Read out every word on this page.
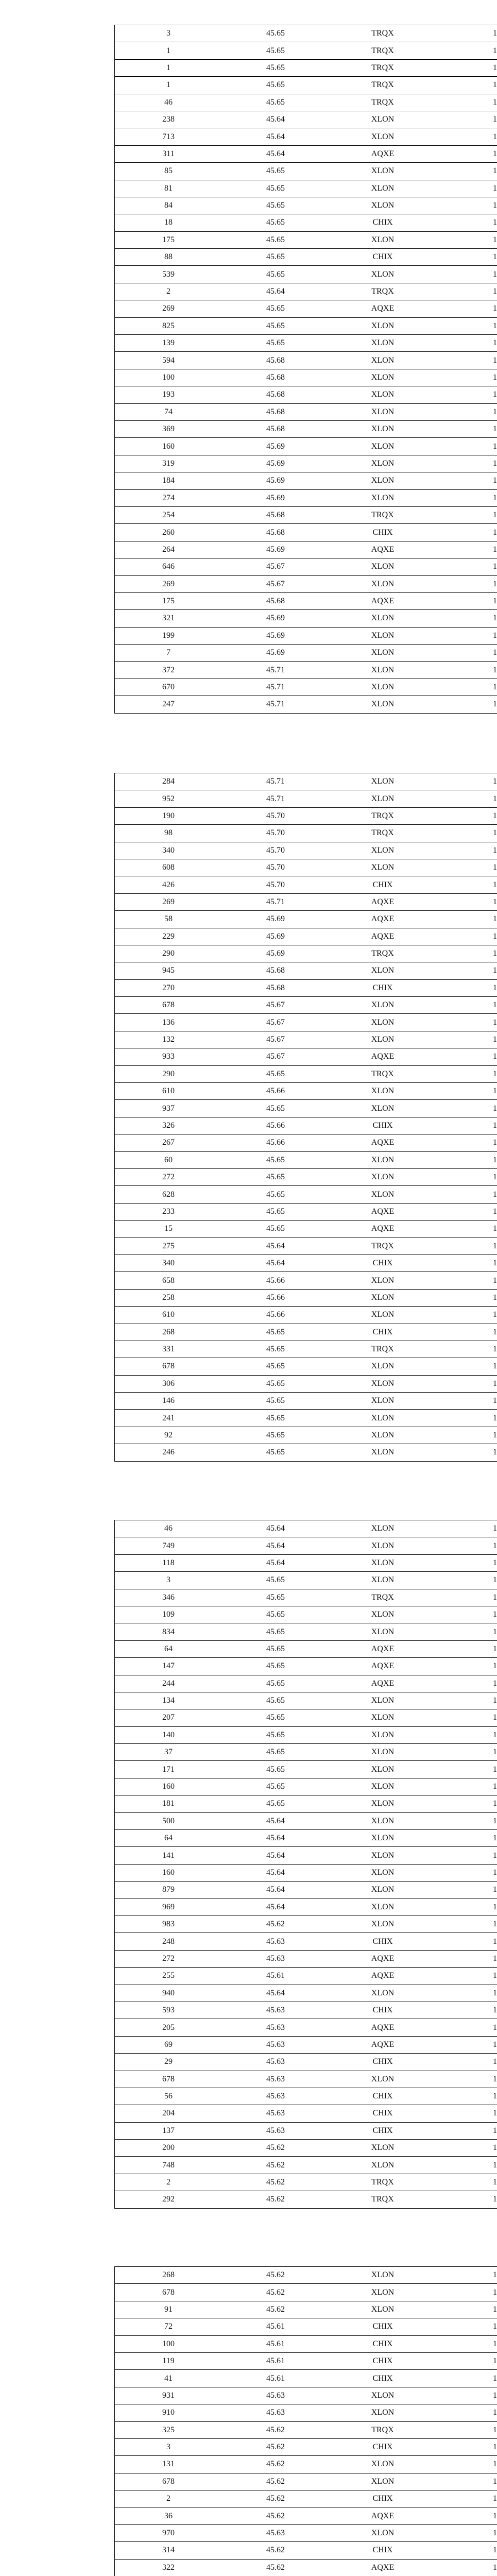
3	45.65	TRQX	1
1	45.65	TRQX	1
1	45.65	TRQX	1
1	45.65	TRQX	1
46	45.65	TRQX	1
238	45.64	XLON	1
713	45.64	XLON	1
311	45.64	AQXE	1
85	45.65	XLON	1
81	45.65	XLON	1
84	45.65	XLON	1
18	45.65	CHIX	1
175	45.65	XLON	1
88	45.65	CHIX	1
539	45.65	XLON	1
2	45.64	TRQX	1
269	45.65	AQXE	1
825	45.65	XLON	1
139	45.65	XLON	1
594	45.68	XLON	1
100	45.68	XLON	1
193	45.68	XLON	1
74	45.68	XLON	1
369	45.68	XLON	1
160	45.69	XLON	1
319	45.69	XLON	1
184	45.69	XLON	1
274	45.69	XLON	1
254	45.68	TRQX	1
260	45.68	CHIX	1
264	45.69	AQXE	1
646	45.67	XLON	1
269	45.67	XLON	1
175	45.68	AQXE	1
321	45.69	XLON	1
199	45.69	XLON	1
7	45.69	XLON	1
372	45.71	XLON	1
670	45.71	XLON	1
247	45.71	XLON	1
284	45.71	XLON	1
952	45.71	XLON	1
190	45.70	TRQX	1
98	45.70	TRQX	1
340	45.70	XLON	1
608	45.70	XLON	1
426	45.70	CHIX	1
269	45.71	AQXE	1
58	45.69	AQXE	1
229	45.69	AQXE	1
290	45.69	TRQX	1
945	45.68	XLON	1
270	45.68	CHIX	1
678	45.67	XLON	1
136	45.67	XLON	1
132	45.67	XLON	1
933	45.67	AQXE	1
290	45.65	TRQX	1
610	45.66	XLON	1
937	45.65	XLON	1
326	45.66	CHIX	1
267	45.66	AQXE	1
60	45.65	XLON	1
272	45.65	XLON	1
628	45.65	XLON	1
233	45.65	AQXE	1
15	45.65	AQXE	1
275	45.64	TRQX	1
340	45.64	CHIX	1
658	45.66	XLON	1
258	45.66	XLON	1
610	45.66	XLON	1
268	45.65	CHIX	1
331	45.65	TRQX	1
678	45.65	XLON	1
306	45.65	XLON	1
146	45.65	XLON	1
241	45.65	XLON	1
92	45.65	XLON	1
246	45.65	XLON	1
46	45.64	XLON	1
749	45.64	XLON	1
118	45.64	XLON	1
3	45.65	XLON	1
346	45.65	TRQX	1
109	45.65	XLON	1
834	45.65	XLON	1
64	45.65	AQXE	1
147	45.65	AQXE	1
244	45.65	AQXE	1
134	45.65	XLON	1
207	45.65	XLON	1
140	45.65	XLON	1
37	45.65	XLON	1
171	45.65	XLON	1
160	45.65	XLON	1
181	45.65	XLON	1
500	45.64	XLON	1
64	45.64	XLON	1
141	45.64	XLON	1
160	45.64	XLON	1
879	45.64	XLON	1
969	45.64	XLON	1
983	45.62	XLON	1
248	45.63	CHIX	1
272	45.63	AQXE	1
255	45.61	AQXE	1
940	45.64	XLON	1
593	45.63	CHIX	1
205	45.63	AQXE	1
69	45.63	AQXE	1
29	45.63	CHIX	1
678	45.63	XLON	1
56	45.63	CHIX	1
204	45.63	CHIX	1
137	45.63	CHIX	1
200	45.62	XLON	1
748	45.62	XLON	1
2	45.62	TRQX	1
292	45.62	TRQX	1
268	45.62	XLON	1
678	45.62	XLON	1
91	45.62	XLON	1
72	45.61	CHIX	1
100	45.61	CHIX	1
119	45.61	CHIX	1
41	45.61	CHIX	1
931	45.63	XLON	1
910	45.63	XLON	1
325	45.62	TRQX	1
3	45.62	CHIX	1
131	45.62	XLON	1
678	45.62	XLON	1
2	45.62	CHIX	1
36	45.62	AQXE	1
970	45.63	XLON	1
314	45.62	CHIX	1
322	45.62	AQXE	1
